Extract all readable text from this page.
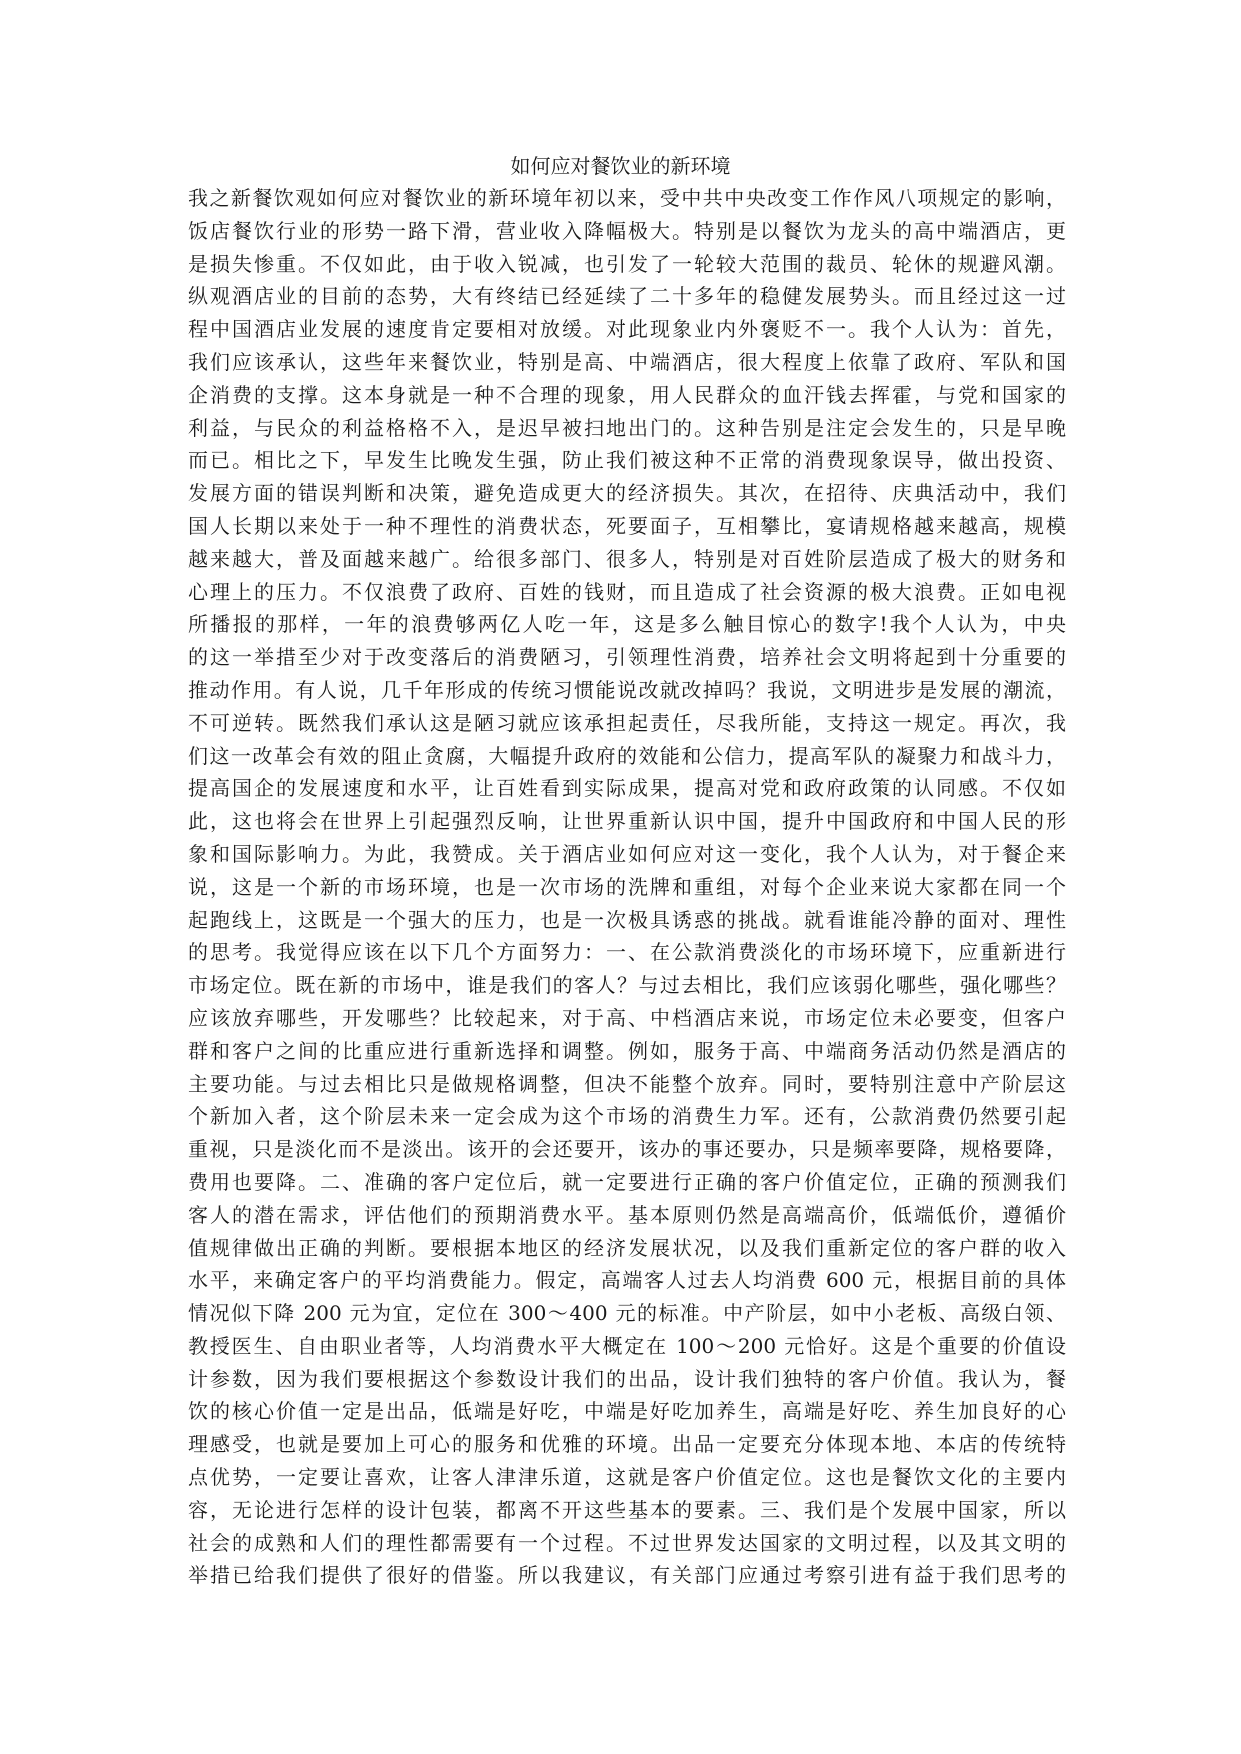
如何应对餐饮业的新环境
我之新餐饮观如何应对餐饮业的新环境年初以来，受中共中央改变工作作风八项规定的影响，
饭店餐饮行业的形势一路下滑，营业收入降幅极大。特别是以餐饮为龙头的高中端酒店，更
是损失惨重。不仅如此，由于收入锐减，也引发了一轮较大范围的裁员、轮休的规避风潮。
纵观酒店业的目前的态势，大有终结已经延续了二十多年的稳健发展势头。而且经过这一过
程中国酒店业发展的速度肯定要相对放缓。对此现象业内外褒贬不一。我个人认为：首先，
我们应该承认，这些年来餐饮业，特别是高、中端酒店，很大程度上依靠了政府、军队和国
企消费的支撑。这本身就是一种不合理的现象，用人民群众的血汗钱去挥霍，与党和国家的
利益，与民众的利益格格不入，是迟早被扫地出门的。这种告别是注定会发生的，只是早晚
而已。相比之下，早发生比晚发生强，防止我们被这种不正常的消费现象误导，做出投资、
发展方面的错误判断和决策，避免造成更大的经济损失。其次，在招待、庆典活动中，我们
国人长期以来处于一种不理性的消费状态，死要面子，互相攀比，宴请规格越来越高，规模
越来越大，普及面越来越广。给很多部门、很多人，特别是对百姓阶层造成了极大的财务和
心理上的压力。不仅浪费了政府、百姓的钱财，而且造成了社会资源的极大浪费。正如电视
所播报的那样，一年的浪费够两亿人吃一年，这是多么触目惊心的数字!我个人认为，中央
的这一举措至少对于改变落后的消费陋习，引领理性消费，培养社会文明将起到十分重要的
推动作用。有人说，几千年形成的传统习惯能说改就改掉吗？我说，文明进步是发展的潮流，
不可逆转。既然我们承认这是陋习就应该承担起责任，尽我所能，支持这一规定。再次，我
们这一改革会有效的阻止贪腐，大幅提升政府的效能和公信力，提高军队的凝聚力和战斗力，
提高国企的发展速度和水平，让百姓看到实际成果，提高对党和政府政策的认同感。不仅如
此，这也将会在世界上引起强烈反响，让世界重新认识中国，提升中国政府和中国人民的形
象和国际影响力。为此，我赞成。关于酒店业如何应对这一变化，我个人认为，对于餐企来
说，这是一个新的市场环境，也是一次市场的洗牌和重组，对每个企业来说大家都在同一个
起跑线上，这既是一个强大的压力，也是一次极具诱惑的挑战。就看谁能冷静的面对、理性
的思考。我觉得应该在以下几个方面努力：一、在公款消费淡化的市场环境下，应重新进行
市场定位。既在新的市场中，谁是我们的客人？与过去相比，我们应该弱化哪些，强化哪些？
应该放弃哪些，开发哪些？比较起来，对于高、中档酒店来说，市场定位未必要变，但客户
群和客户之间的比重应进行重新选择和调整。例如，服务于高、中端商务活动仍然是酒店的
主要功能。与过去相比只是做规格调整，但决不能整个放弃。同时，要特别注意中产阶层这
个新加入者，这个阶层未来一定会成为这个市场的消费生力军。还有，公款消费仍然要引起
重视，只是淡化而不是淡出。该开的会还要开，该办的事还要办，只是频率要降，规格要降，
费用也要降。二、准确的客户定位后，就一定要进行正确的客户价值定位，正确的预测我们
客人的潜在需求，评估他们的预期消费水平。基本原则仍然是高端高价，低端低价，遵循价
值规律做出正确的判断。要根据本地区的经济发展状况，以及我们重新定位的客户群的收入
水平，来确定客户的平均消费能力。假定，高端客人过去人均消费 600 元，根据目前的具体
情况似下降 200 元为宜，定位在 300～400 元的标准。中产阶层，如中小老板、高级白领、
教授医生、自由职业者等，人均消费水平大概定在 100～200 元恰好。这是个重要的价值设
计参数，因为我们要根据这个参数设计我们的出品，设计我们独特的客户价值。我认为，餐
饮的核心价值一定是出品，低端是好吃，中端是好吃加养生，高端是好吃、养生加良好的心
理感受，也就是要加上可心的服务和优雅的环境。出品一定要充分体现本地、本店的传统特
点优势，一定要让喜欢，让客人津津乐道，这就是客户价值定位。这也是餐饮文化的主要内
容，无论进行怎样的设计包装，都离不开这些基本的要素。三、我们是个发展中国家，所以
社会的成熟和人们的理性都需要有一个过程。不过世界发达国家的文明过程，以及其文明的
举措已给我们提供了很好的借鉴。所以我建议，有关部门应通过考察引进有益于我们思考的
